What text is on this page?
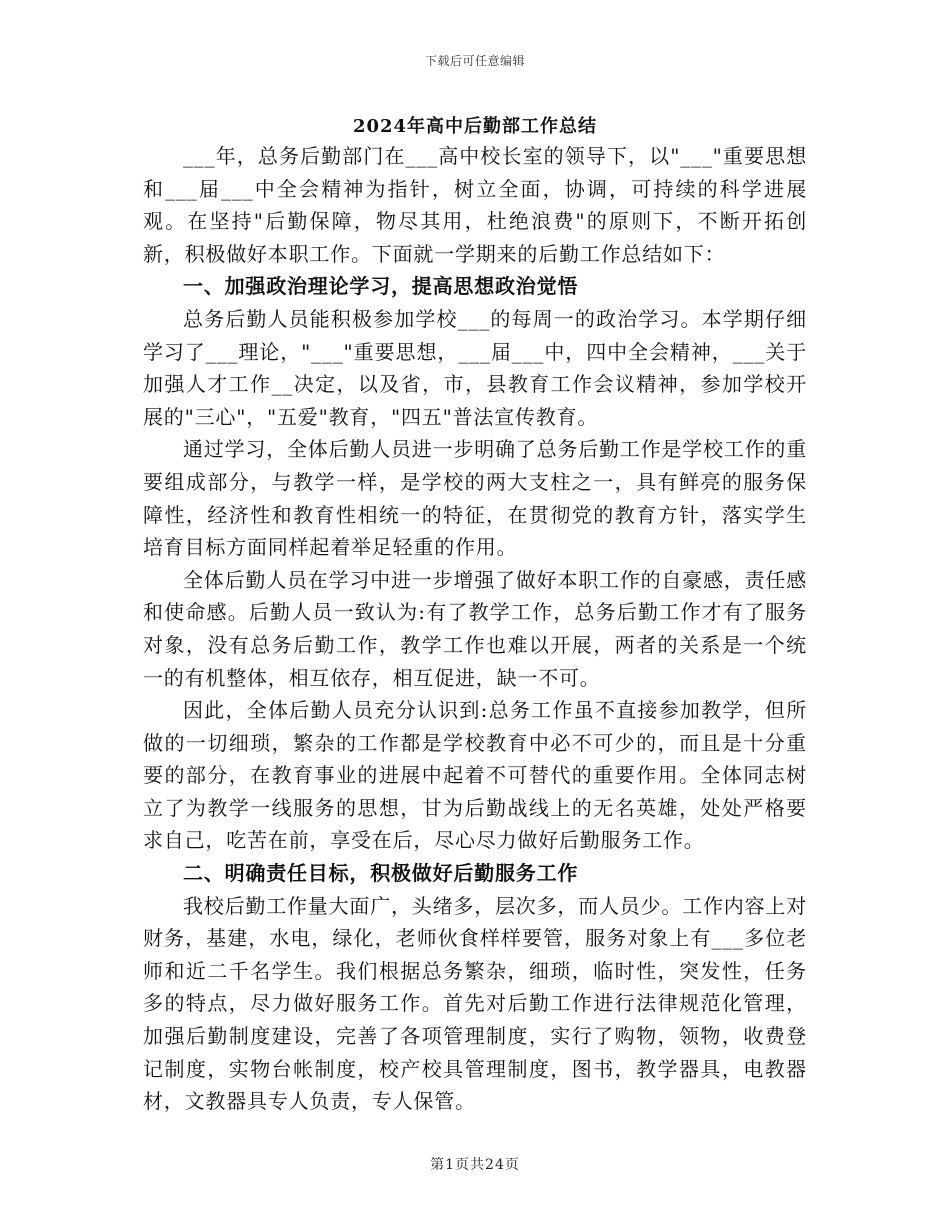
下载后可任意编辑
2024年高中后勤部工作总结

___年，总务后勤部门在___高中校长室的领导下，以"___"重要思想和___届___中全会精神为指针，树立全面，协调，可持续的科学进展观。在坚持"后勤保障，物尽其用，杜绝浪费"的原则下，不断开拓创新，积极做好本职工作。下面就一学期来的后勤工作总结如下：

一、加强政治理论学习，提高思想政治觉悟

总务后勤人员能积极参加学校___的每周一的政治学习。本学期仔细学习了___理论，"___"重要思想，___届___中，四中全会精神，___关于加强人才工作__决定，以及省，市，县教育工作会议精神，参加学校开展的"三心"，"五爱"教育，"四五"普法宣传教育。

通过学习，全体后勤人员进一步明确了总务后勤工作是学校工作的重要组成部分，与教学一样，是学校的两大支柱之一，具有鲜亮的服务保障性，经济性和教育性相统一的特征，在贯彻党的教育方针，落实学生培育目标方面同样起着举足轻重的作用。

全体后勤人员在学习中进一步增强了做好本职工作的自豪感，责任感和使命感。后勤人员一致认为:有了教学工作，总务后勤工作才有了服务对象，没有总务后勤工作，教学工作也难以开展，两者的关系是一个统一的有机整体，相互依存，相互促进，缺一不可。

因此，全体后勤人员充分认识到:总务工作虽不直接参加教学，但所做的一切细琐，繁杂的工作都是学校教育中必不可少的，而且是十分重要的部分，在教育事业的进展中起着不可替代的重要作用。全体同志树立了为教学一线服务的思想，甘为后勤战线上的无名英雄，处处严格要求自己，吃苦在前，享受在后，尽心尽力做好后勤服务工作。

二、明确责任目标，积极做好后勤服务工作

我校后勤工作量大面广，头绪多，层次多，而人员少。工作内容上对财务，基建，水电，绿化，老师伙食样样要管，服务对象上有___多位老师和近二千名学生。我们根据总务繁杂，细琐，临时性，突发性，任务多的特点，尽力做好服务工作。首先对后勤工作进行法律规范化管理，加强后勤制度建设，完善了各项管理制度，实行了购物，领物，收费登记制度，实物台帐制度，校产校具管理制度，图书，教学器具，电教器材，文教器具专人负责，专人保管。

第1页共24页
